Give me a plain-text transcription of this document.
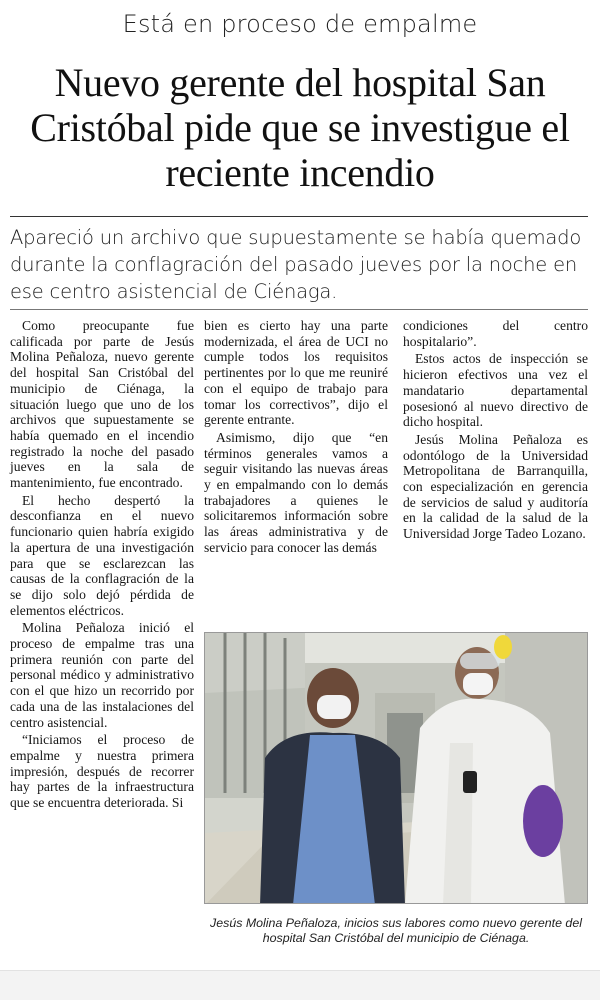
Está en proceso de empalme
Nuevo gerente del hospital San Cristóbal pide que se investigue el reciente incendio
Apareció un archivo que supuestamente se había quemado durante la conflagración del pasado jueves por la noche en ese centro asistencial de Ciénaga.

Como preocupante fue calificada por parte de Jesús Molina Peñaloza, nuevo gerente del hospital San Cristóbal del municipio de Ciénaga, la situación luego que uno de los archivos que supuestamente se había quemado en el incendio registrado la noche del pasado jueves en la sala de mantenimiento, fue encontrado.

El hecho despertó la desconfianza en el nuevo funcionario quien habría exigido la apertura de una investigación para que se esclarezcan las causas de la conflagración de la se dijo solo dejó pérdida de elementos eléctricos.

Molina Peñaloza inició el proceso de empalme tras una primera reunión con parte del personal médico y administrativo con el que hizo un recorrido por cada una de las instalaciones del centro asistencial.

“Iniciamos el proceso de empalme y nuestra primera impresión, después de recorrer hay partes de la infraestructura que se encuentra deteriorada. Si

bien es cierto hay una parte modernizada, el área de UCI no cumple todos los requisitos pertinentes por lo que me reuniré con el equipo de trabajo para tomar los correctivos”, dijo el gerente entrante.

Asimismo, dijo que “en términos generales vamos a seguir visitando las nuevas áreas y en empalmando con lo demás trabajadores a quienes le solicitaremos información sobre las áreas administrativa y de servicio para conocer las demás

condiciones del centro hospitalario”.

Estos actos de inspección se hicieron efectivos una vez el mandatario departamental posesionó al nuevo directivo de dicho hospital.

Jesús Molina Peñaloza es odontólogo de la Universidad Metropolitana de Barranquilla, con especialización en gerencia de servicios de salud y auditoría en la calidad de la salud de la Universidad Jorge Tadeo Lozano.

Jesús Molina Peñaloza, inicios sus labores como nuevo gerente del hospital San Cristóbal del municipio de Ciénaga.
